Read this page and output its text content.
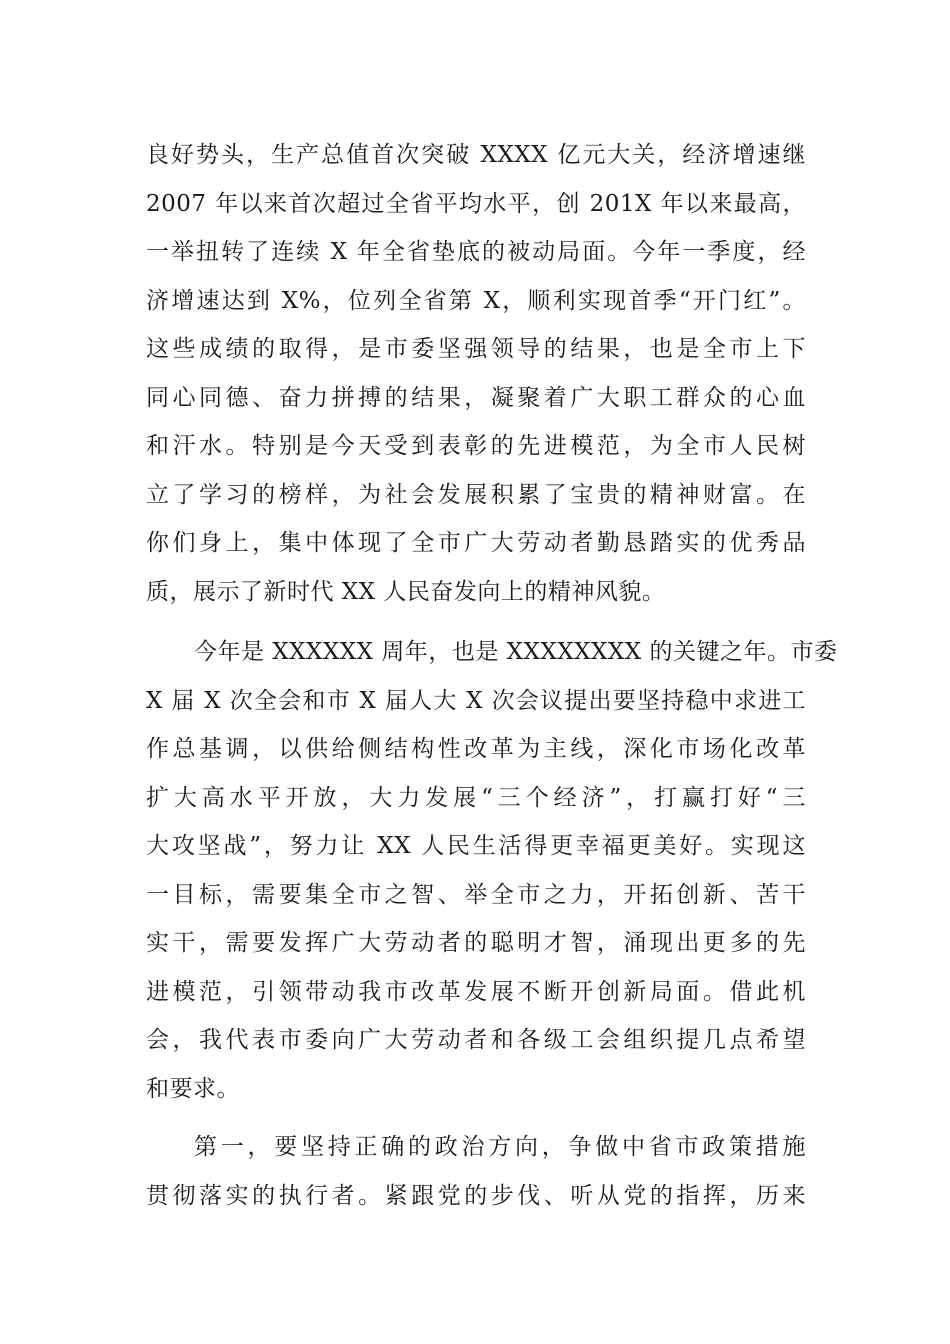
良好势头，生产总值首次突破 XXXX 亿元大关，经济增速继
2007 年以来首次超过全省平均水平，创 201X 年以来最高，
一举扭转了连续 X 年全省垫底的被动局面。今年一季度，经
济增速达到 X%，位列全省第 X，顺利实现首季“开门红”。
这些成绩的取得，是市委坚强领导的结果，也是全市上下
同心同德、奋力拼搏的结果，凝聚着广大职工群众的心血
和汗水。特别是今天受到表彰的先进模范，为全市人民树
立了学习的榜样，为社会发展积累了宝贵的精神财富。在
你们身上，集中体现了全市广大劳动者勤恳踏实的优秀品
质，展示了新时代 XX 人民奋发向上的精神风貌。
今年是 XXXXXX 周年，也是 XXXXXXXX 的关键之年。市委
X 届 X 次全会和市 X 届人大 X 次会议提出要坚持稳中求进工
作总基调，以供给侧结构性改革为主线，深化市场化改革
扩大高水平开放，大力发展“三个经济”，打赢打好“三
大攻坚战”，努力让 XX 人民生活得更幸福更美好。实现这
一目标，需要集全市之智、举全市之力，开拓创新、苦干
实干，需要发挥广大劳动者的聪明才智，涌现出更多的先
进模范，引领带动我市改革发展不断开创新局面。借此机
会，我代表市委向广大劳动者和各级工会组织提几点希望
和要求。
第一，要坚持正确的政治方向，争做中省市政策措施
贯彻落实的执行者。紧跟党的步伐、听从党的指挥，历来
